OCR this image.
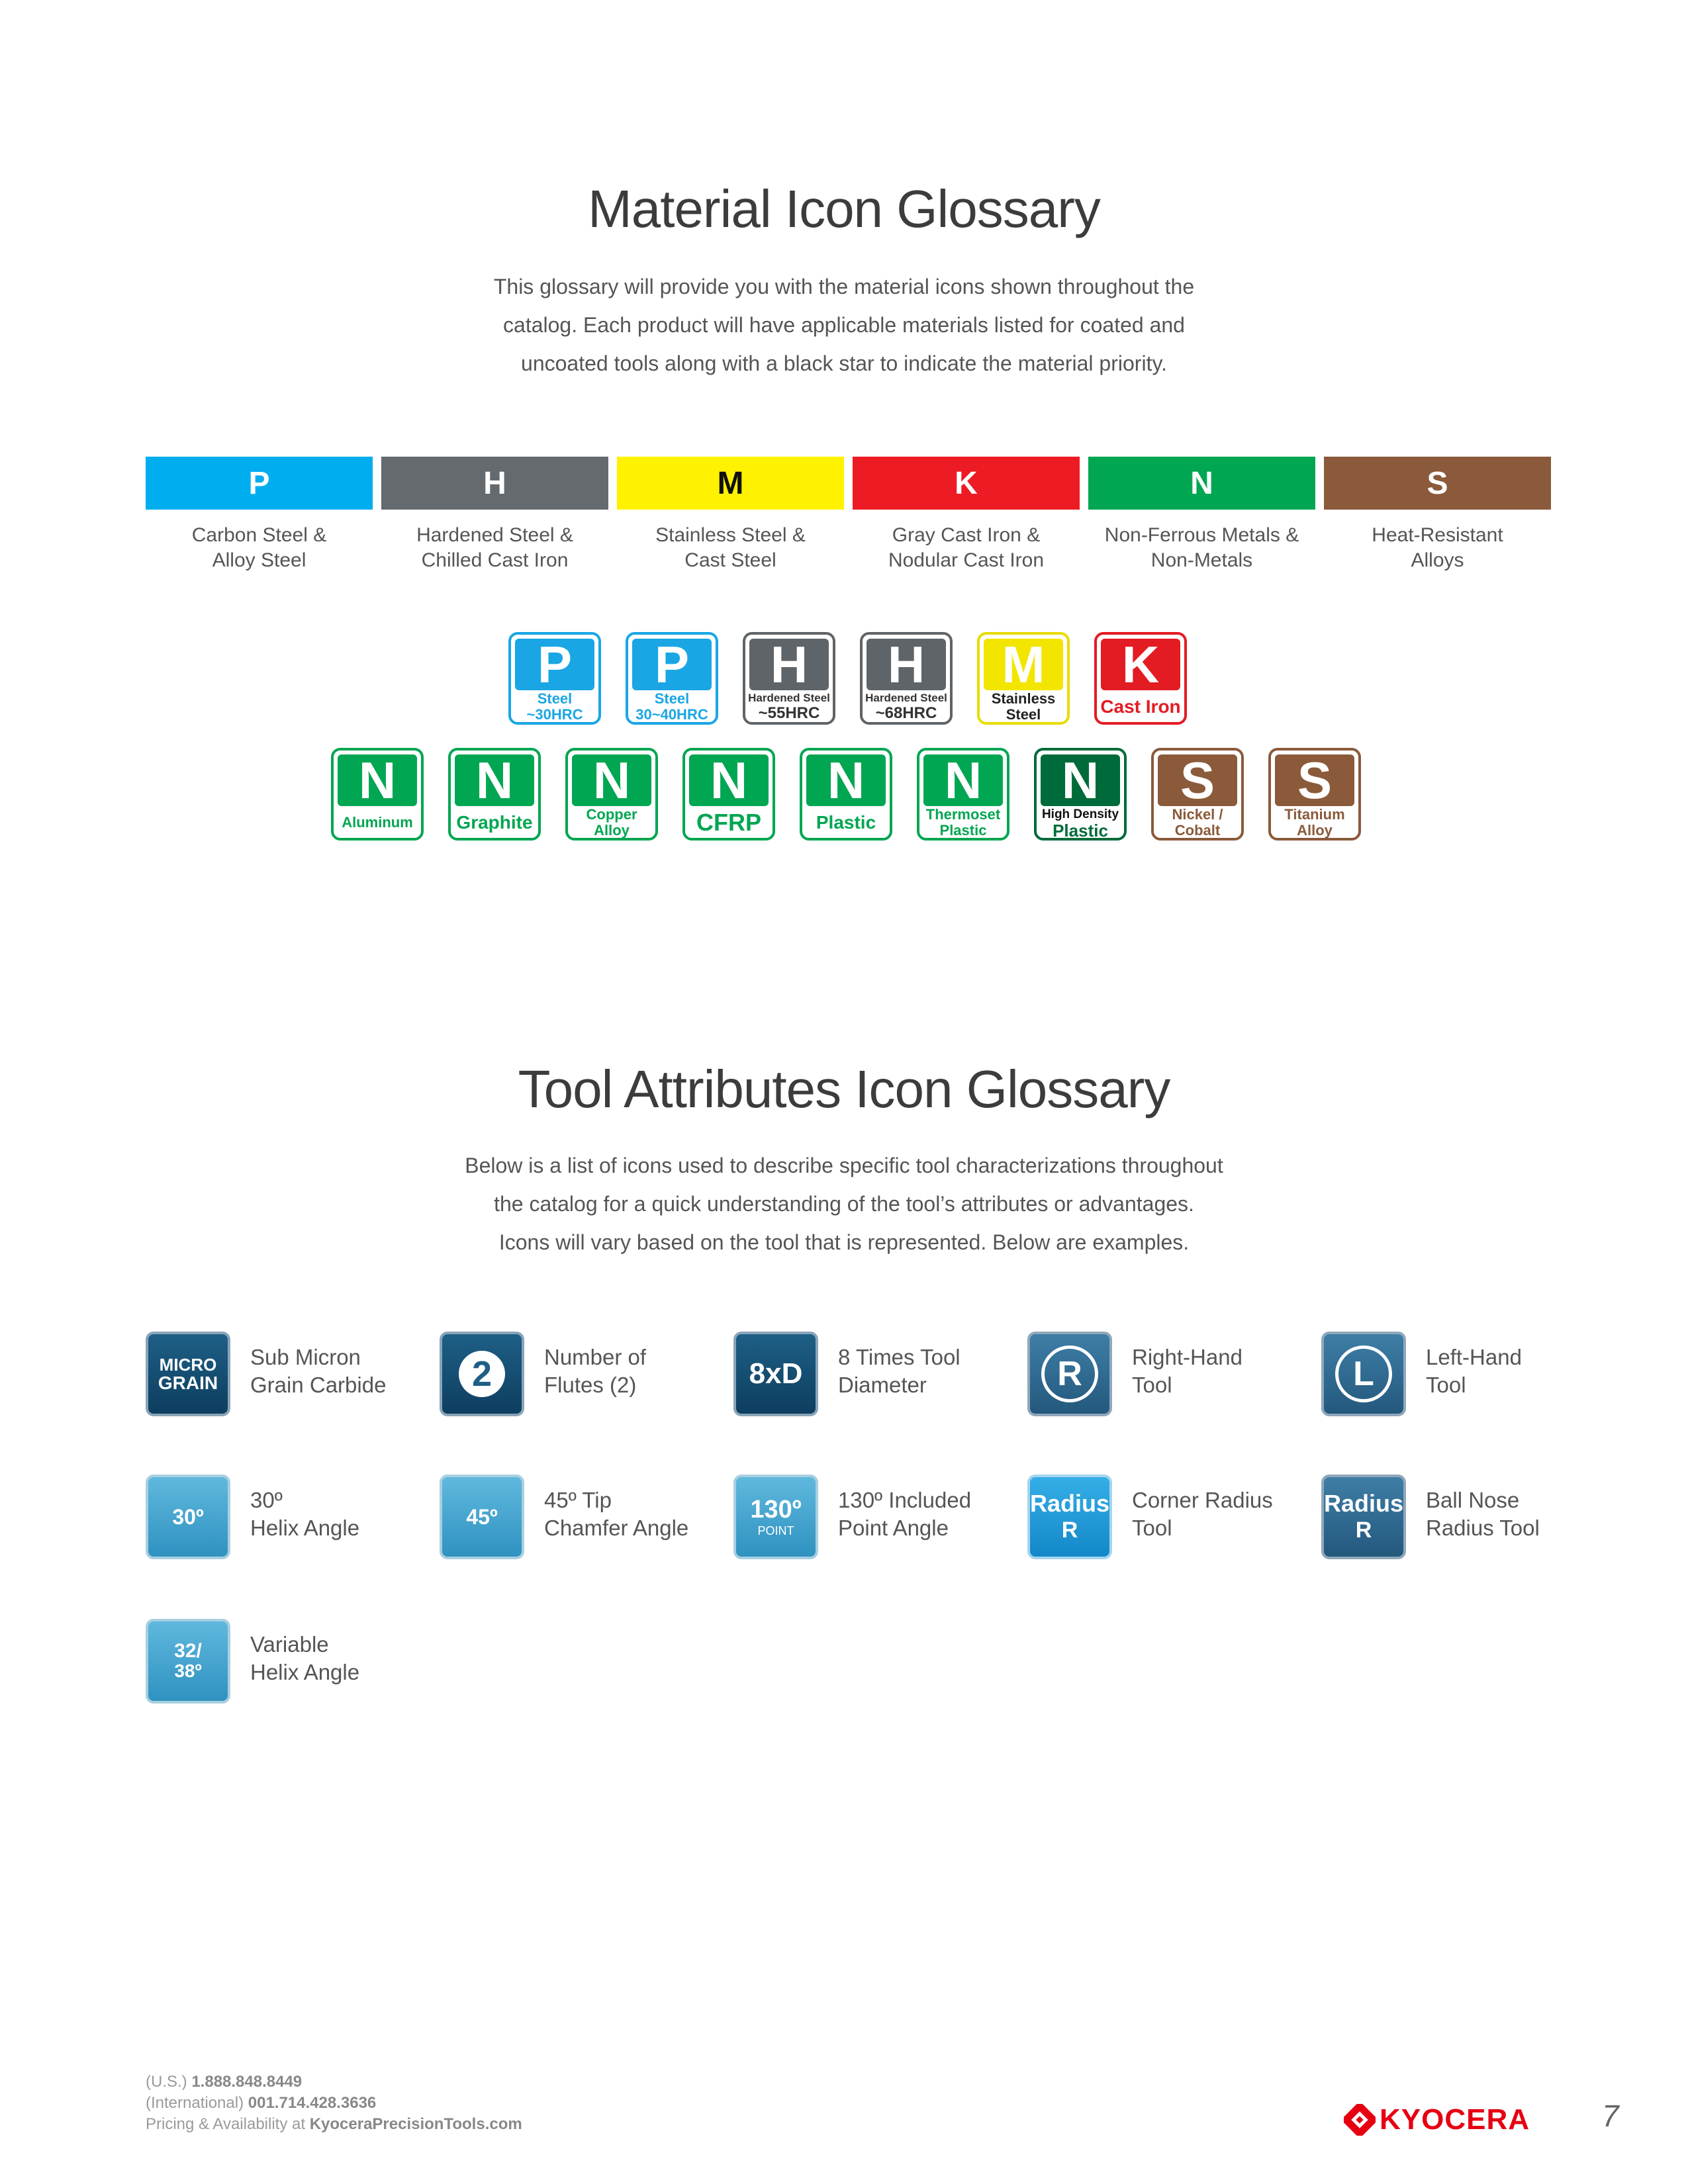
Material Icon Glossary
This glossary will provide you with the material icons shown throughout the
catalog. Each product will have applicable materials listed for coated and
uncoated tools along with a black star to indicate the material priority.
P
Carbon Steel &
Alloy Steel
H
Hardened Steel &
Chilled Cast Iron
M
Stainless Steel &
Cast Steel
K
Gray Cast Iron &
Nodular Cast Iron
N
Non-Ferrous Metals &
Non-Metals
S
Heat-Resistant
Alloys
P
Steel
~30HRC
P
Steel
30~40HRC
H
Hardened Steel
~55HRC
H
Hardened Steel
~68HRC
M
Stainless
Steel
K
Cast Iron
N
Aluminum
N
Graphite
N
Copper
Alloy
N
CFRP
N
Plastic
N
Thermoset
Plastic
N
High Density
Plastic
S
Nickel /
Cobalt
S
Titanium
Alloy
Tool Attributes Icon Glossary
Below is a list of icons used to describe specific tool characterizations throughout
the catalog for a quick understanding of the tool’s attributes or advantages.
Icons will vary based on the tool that is represented. Below are examples.
MICRO
GRAIN
Sub Micron
Grain Carbide	2	Number of
Flutes (2)	8xD
8 Times Tool
Diameter	R	Right-Hand
Tool	L	Left-Hand
Tool
30º
30º
Helix Angle	45º
45º Tip
Chamfer Angle
130º
POINT
130º Included
Point Angle
Radius
R
Corner Radius
Tool
Radius
R
Ball Nose
Radius Tool
32/
38º
Variable
Helix Angle
(U.S.) 1.888.848.8449
(International) 001.714.428.3636
Pricing & Availability at KyoceraPrecisionTools.com	KYOCERA 7
